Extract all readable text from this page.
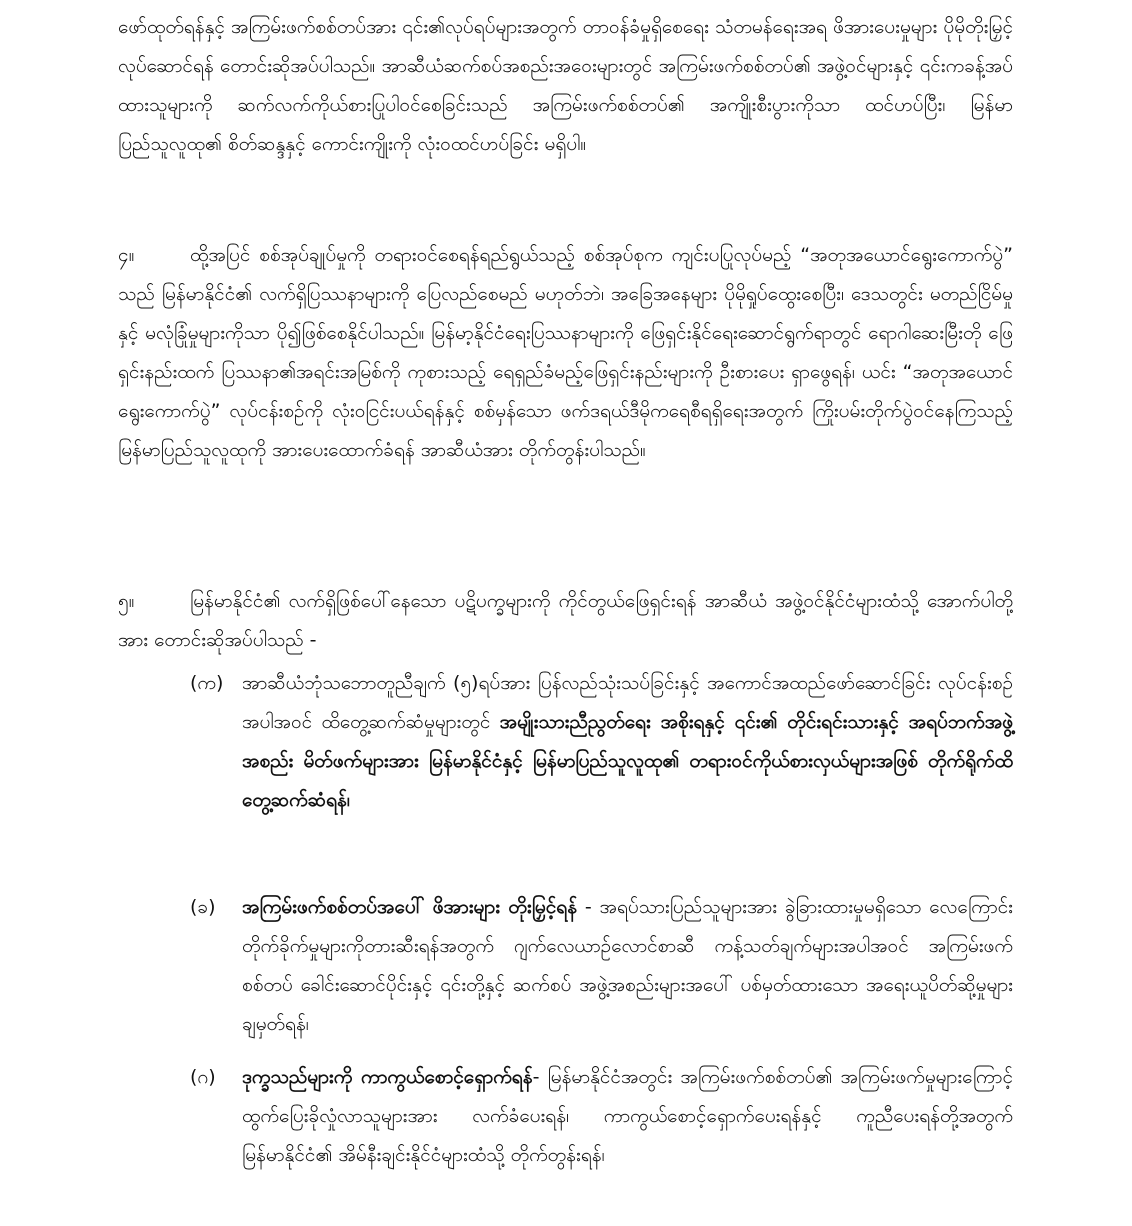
ဖော်ထုတ်ရန်နှင့် အကြမ်းဖက်စစ်တပ်အား ၎င်း၏လုပ်ရပ်များအတွက် တာဝန်ခံမှုရှိစေရေး သံတမန်ရေးအရ ဖိအားပေးမှုများ ပိုမိုတိုးမြှင့်လုပ်ဆောင်ရန် တောင်းဆိုအပ်ပါသည်။ အာဆီယံဆက်စပ်အစည်းအဝေးများတွင် အကြမ်းဖက်စစ်တပ်၏ အဖွဲ့ဝင်များနှင့် ၎င်းကခန့်အပ်ထားသူများကို ဆက်လက်ကိုယ်စားပြုပါဝင်စေခြင်းသည် အကြမ်းဖက်စစ်တပ်၏ အကျိုးစီးပွားကိုသာ ထင်ဟပ်ပြီး၊ မြန်မာပြည်သူလူထု၏ စိတ်ဆန္ဒနှင့် ကောင်းကျိုးကို လုံးဝထင်ဟပ်ခြင်း မရှိပါ။

၄။	ထို့အပြင် စစ်အုပ်ချုပ်မှုကို တရားဝင်စေရန်ရည်ရွယ်သည့် စစ်အုပ်စုက ကျင်းပပြုလုပ်မည့် “အတုအယောင်ရွေးကောက်ပွဲ” သည် မြန်မာနိုင်ငံ၏ လက်ရှိပြဿနာများကို ပြေလည်စေမည် မဟုတ်ဘဲ၊ အခြေအနေများ ပိုမိုရှုပ်ထွေးစေပြီး၊ ဒေသတွင်း မတည်ငြိမ်မှုနှင့် မလုံခြုံမှုများကိုသာ ပို၍ဖြစ်စေနိုင်ပါသည်။ မြန်မာ့နိုင်ငံရေးပြဿနာများကို ဖြေရှင်းနိုင်ရေးဆောင်ရွက်ရာတွင် ရောဂါဆေးမြီးတို ဖြေရှင်းနည်းထက် ပြဿနာ၏အရင်းအမြစ်ကို ကုစားသည့် ရေရှည်ခံမည့်ဖြေရှင်းနည်းများကို ဦးစားပေး ရှာဖွေရန်၊ ယင်း “အတုအယောင် ရွေးကောက်ပွဲ” လုပ်ငန်းစဉ်ကို လုံးဝငြင်းပယ်ရန်နှင့် စစ်မှန်သော ဖက်ဒရယ်ဒီမိုကရေစီရရှိရေးအတွက် ကြိုးပမ်းတိုက်ပွဲဝင်နေကြသည့် မြန်မာပြည်သူလူထုကို အားပေးထောက်ခံရန် အာဆီယံအား တိုက်တွန်းပါသည်။

၅။	မြန်မာနိုင်ငံ၏ လက်ရှိဖြစ်ပေါ်နေသော ပဋိပက္ခများကို ကိုင်တွယ်ဖြေရှင်းရန် အာဆီယံ အဖွဲ့ဝင်နိုင်ငံများထံသို့ အောက်ပါတို့အား တောင်းဆိုအပ်ပါသည် -

(က) အာဆီယံဘုံသဘောတူညီချက် (၅)ရပ်အား ပြန်လည်သုံးသပ်ခြင်းနှင့် အကောင်အထည်ဖော်ဆောင်ခြင်း လုပ်ငန်းစဉ်အပါအဝင် ထိတွေ့ဆက်ဆံမှုများတွင် အမျိုးသားညီညွတ်ရေး အစိုးရနှင့် ၎င်း၏ တိုင်းရင်းသားနှင့် အရပ်ဘက်အဖွဲ့အစည်း မိတ်ဖက်များအား မြန်မာနိုင်ငံနှင့် မြန်မာပြည်သူလူထု၏ တရားဝင်ကိုယ်စားလှယ်များအဖြစ် တိုက်ရိုက်ထိတွေ့ဆက်ဆံရန်၊
(ခ)	အကြမ်းဖက်စစ်တပ်အပေါ် ဖိအားများ တိုးမြှင့်ရန် - အရပ်သားပြည်သူများအား ခွဲခြားထားမှုမရှိသော လေကြောင်းတိုက်ခိုက်မှုများကိုတားဆီးရန်အတွက် ဂျက်လေယာဉ်လောင်စာဆီ ကန့်သတ်ချက်များအပါအဝင် အကြမ်းဖက်စစ်တပ် ခေါင်းဆောင်ပိုင်းနှင့် ၎င်းတို့နှင့် ဆက်စပ် အဖွဲ့အစည်းများအပေါ် ပစ်မှတ်ထားသော အရေးယူပိတ်ဆို့မှုများ ချမှတ်ရန်၊
(ဂ)	ဒုက္ခသည်များကို ကာကွယ်စောင့်ရှောက်ရန်- မြန်မာနိုင်ငံအတွင်း အကြမ်းဖက်စစ်တပ်၏ အကြမ်းဖက်မှုများကြောင့် ထွက်ပြေးခိုလှုံလာသူများအား လက်ခံပေးရန်၊ ကာကွယ်စောင့်ရှောက်ပေးရန်နှင့် ကူညီပေးရန်တို့အတွက် မြန်မာနိုင်ငံ၏ အိမ်နီးချင်းနိုင်ငံများထံသို့ တိုက်တွန်းရန်၊
